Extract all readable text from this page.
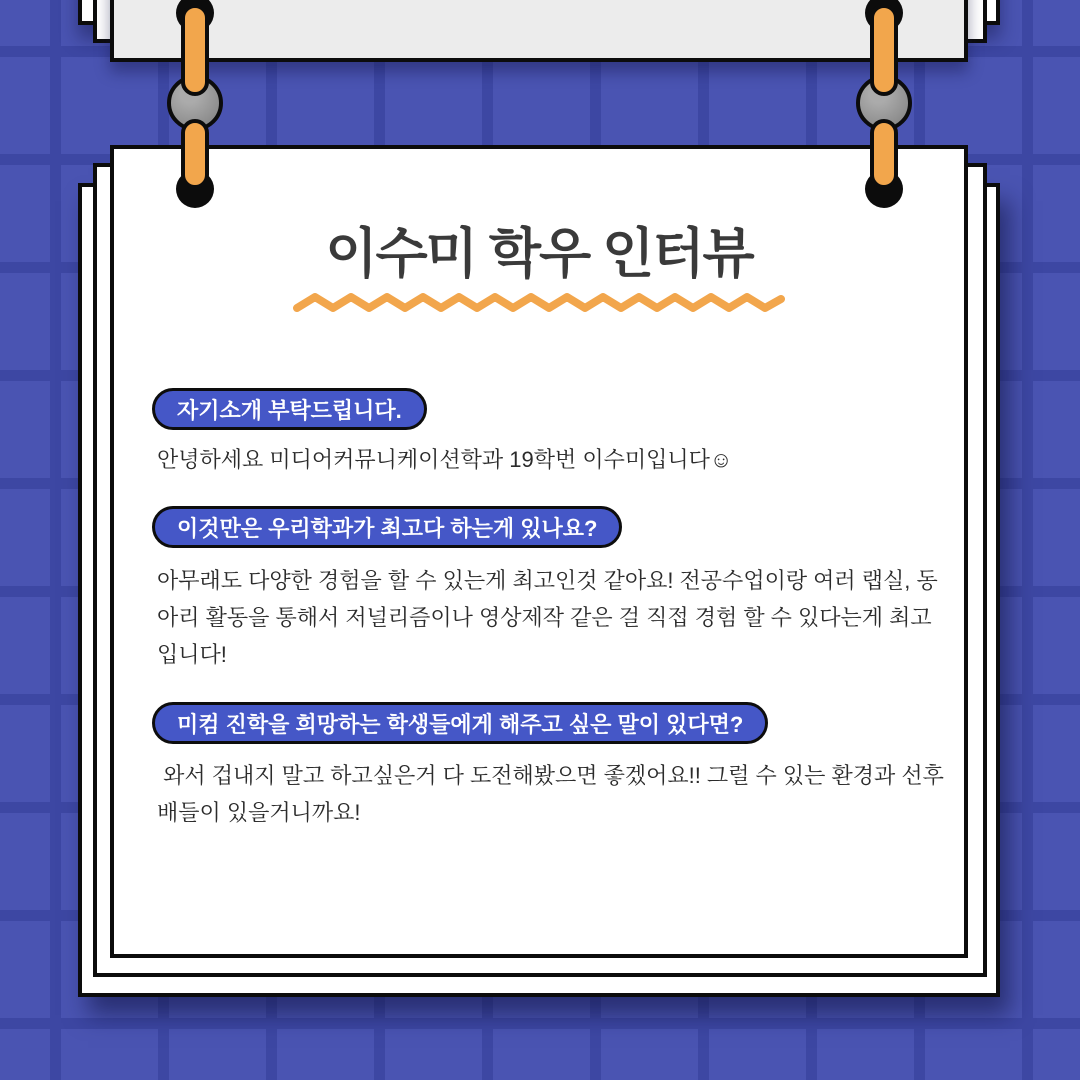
이수미 학우 인터뷰
자기소개 부탁드립니다.
안녕하세요 미디어커뮤니케이션학과 19학번 이수미입니다☺
이것만은 우리학과가 최고다 하는게 있나요?
아무래도 다양한 경험을 할 수 있는게 최고인것 같아요! 전공수업이랑 여러 랩실, 동
아리 활동을 통해서 저널리즘이나 영상제작 같은 걸 직접 경험 할 수 있다는게 최고
입니다!
미컴 진학을 희망하는 학생들에게 해주고 싶은 말이 있다면?
와서 겁내지 말고 하고싶은거 다 도전해봤으면 좋겠어요!! 그럴 수 있는 환경과 선후
배들이 있을거니까요!
